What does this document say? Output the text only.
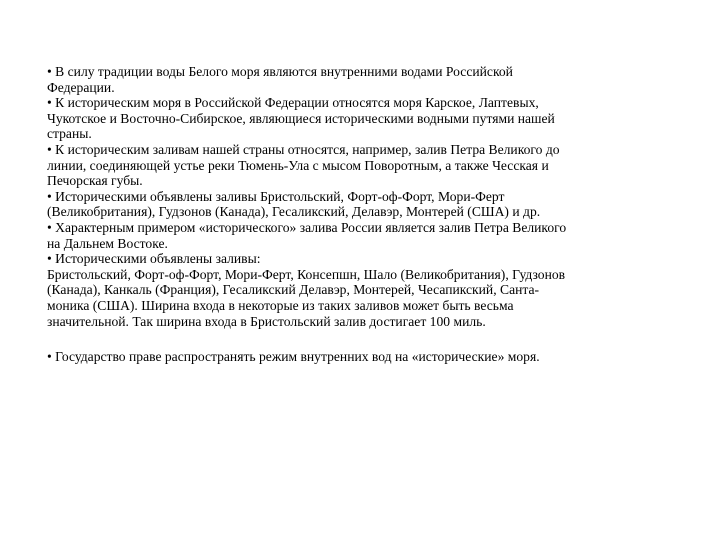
• В силу традиции воды Белого моря являются внутренними водами Российской
Федерации.

• К историческим моря в Российской Федерации относятся моря Карское, Лаптевых,
Чукотское и Восточно-Сибирское, являющиеся историческими водными путями нашей
страны.

• К историческим заливам нашей страны относятся, например, залив Петра Великого до
линии, соединяющей устье реки Тюмень-Ула с мысом Поворотным, а также Чесская и
Печорская губы.

• Историческими объявлены заливы Бристольский, Форт-оф-Форт, Мори-Ферт
(Великобритания), Гудзонов (Канада), Гесаликский, Делавэр, Монтерей (США) и др.

• Характерным примером «исторического» залива России является залив Петра Великого
на Дальнем Востоке.

• Историческими объявлены заливы:

Бристольский, Форт-оф-Форт, Мори-Ферт, Консепшн, Шало (Великобритания), Гудзонов
(Канада), Канкаль (Франция), Гесаликский Делавэр, Монтерей, Чесапикский, Санта-
моника (США). Ширина входа в некоторые из таких заливов может быть весьма
значительной. Так ширина входа в Бристольский залив достигает 100 миль.

• Государство праве распространять режим внутренних вод на «исторические» моря.
